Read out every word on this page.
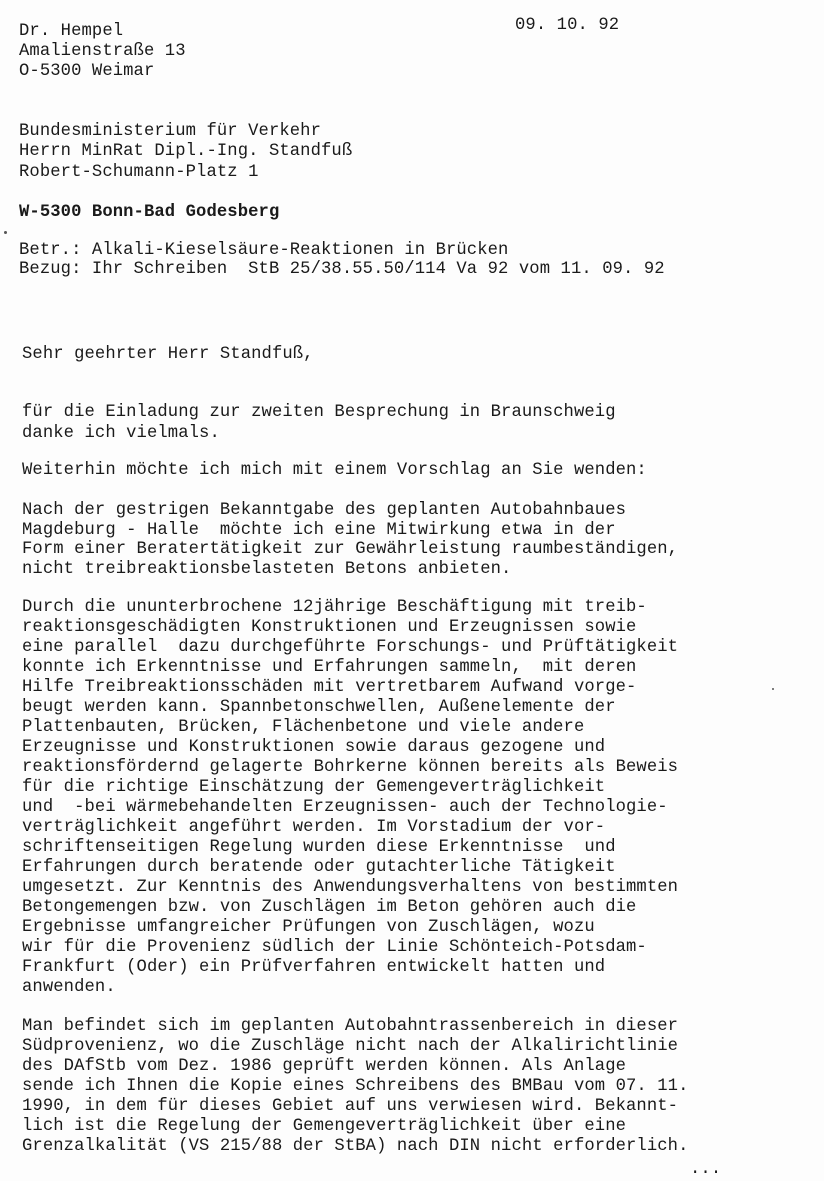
Dr. Hempel
Amalienstraße 13
O-5300 Weimar
09. 10. 92
Bundesministerium für Verkehr
Herrn MinRat Dipl.-Ing. Standfuß
Robert-Schumann-Platz 1
W-5300 Bonn-Bad Godesberg
Betr.: Alkali-Kieselsäure-Reaktionen in Brücken
Bezug: Ihr Schreiben  StB 25/38.55.50/114 Va 92 vom 11. 09. 92
Sehr geehrter Herr Standfuß,
für die Einladung zur zweiten Besprechung in Braunschweig
danke ich vielmals.
Weiterhin möchte ich mich mit einem Vorschlag an Sie wenden:
Nach der gestrigen Bekanntgabe des geplanten Autobahnbaues
Magdeburg - Halle  möchte ich eine Mitwirkung etwa in der
Form einer Beratertätigkeit zur Gewährleistung raumbeständigen,
nicht treibreaktionsbelasteten Betons anbieten.
Durch die ununterbrochene 12jährige Beschäftigung mit treib-
reaktionsgeschädigten Konstruktionen und Erzeugnissen sowie
eine parallel  dazu durchgeführte Forschungs- und Prüftätigkeit
konnte ich Erkenntnisse und Erfahrungen sammeln,  mit deren
Hilfe Treibreaktionsschäden mit vertretbarem Aufwand vorge-
beugt werden kann. Spannbetonschwellen, Außenelemente der
Plattenbauten, Brücken, Flächenbetone und viele andere
Erzeugnisse und Konstruktionen sowie daraus gezogene und
reaktionsfördernd gelagerte Bohrkerne können bereits als Beweis
für die richtige Einschätzung der Gemengeverträglichkeit
und  -bei wärmebehandelten Erzeugnissen- auch der Technologie-
verträglichkeit angeführt werden. Im Vorstadium der vor-
schriftenseitigen Regelung wurden diese Erkenntnisse  und
Erfahrungen durch beratende oder gutachterliche Tätigkeit
umgesetzt. Zur Kenntnis des Anwendungsverhaltens von bestimmten
Betongemengen bzw. von Zuschlägen im Beton gehören auch die
Ergebnisse umfangreicher Prüfungen von Zuschlägen, wozu
wir für die Provenienz südlich der Linie Schönteich-Potsdam-
Frankfurt (Oder) ein Prüfverfahren entwickelt hatten und
anwenden.
Man befindet sich im geplanten Autobahntrassenbereich in dieser
Südprovenienz, wo die Zuschläge nicht nach der Alkalirichtlinie
des DAfStb vom Dez. 1986 geprüft werden können. Als Anlage
sende ich Ihnen die Kopie eines Schreibens des BMBau vom 07. 11.
1990, in dem für dieses Gebiet auf uns verwiesen wird. Bekannt-
lich ist die Regelung der Gemengeverträglichkeit über eine
Grenzalkalität (VS 215/88 der StBA) nach DIN nicht erforderlich.
...
